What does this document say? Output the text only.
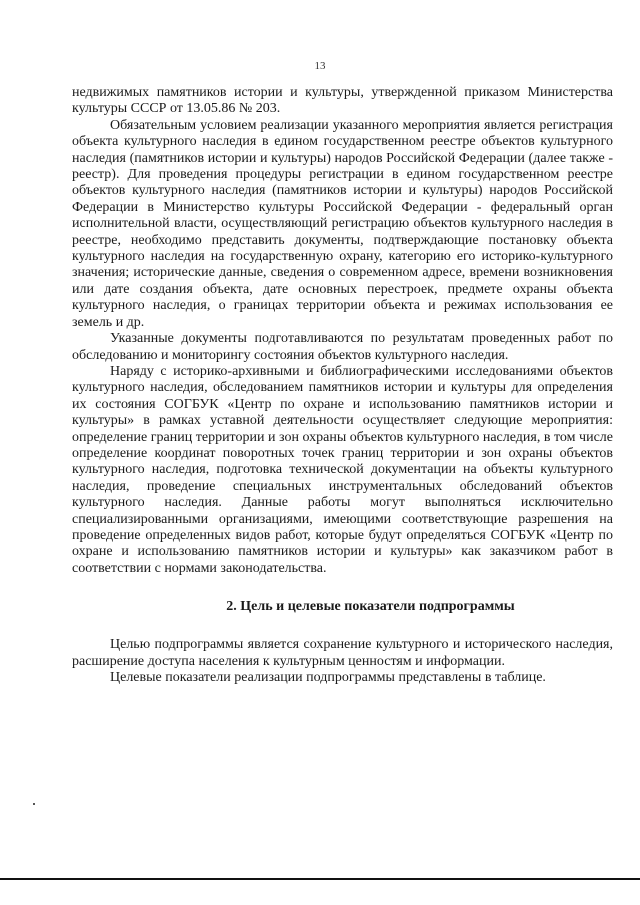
13

недвижимых памятников истории и культуры, утвержденной приказом Министерства культуры СССР от 13.05.86 № 203.

Обязательным условием реализации указанного мероприятия является регистрация объекта культурного наследия в едином государственном реестре объектов культурного наследия (памятников истории и культуры) народов Российской Федерации (далее также - реестр). Для проведения процедуры регистрации в едином государственном реестре объектов культурного наследия (памятников истории и культуры) народов Российской Федерации в Министерство культуры Российской Федерации - федеральный орган исполнительной власти, осуществляющий регистрацию объектов культурного наследия в реестре, необходимо представить документы, подтверждающие постановку объекта культурного наследия на государственную охрану, категорию его историко-культурного значения; исторические данные, сведения о современном адресе, времени возникновения или дате создания объекта, дате основных перестроек, предмете охраны объекта культурного наследия, о границах территории объекта и режимах использования ее земель и др.

Указанные документы подготавливаются по результатам проведенных работ по обследованию и мониторингу состояния объектов культурного наследия.

Наряду с историко-архивными и библиографическими исследованиями объектов культурного наследия, обследованием памятников истории и культуры для определения их состояния СОГБУК «Центр по охране и использованию памятников истории и культуры» в рамках уставной деятельности осуществляет следующие мероприятия: определение границ территории и зон охраны объектов культурного наследия, в том числе определение координат поворотных точек границ территории и зон охраны объектов культурного наследия, подготовка технической документации на объекты культурного наследия, проведение специальных инструментальных обследований объектов культурного наследия. Данные работы могут выполняться исключительно специализированными организациями, имеющими соответствующие разрешения на проведение определенных видов работ, которые будут определяться СОГБУК «Центр по охране и использованию памятников истории и культуры» как заказчиком работ в соответствии с нормами законодательства.

2. Цель и целевые показатели подпрограммы

Целью подпрограммы является сохранение культурного и исторического наследия, расширение доступа населения к культурным ценностям и информации.

Целевые показатели реализации подпрограммы представлены в таблице.
